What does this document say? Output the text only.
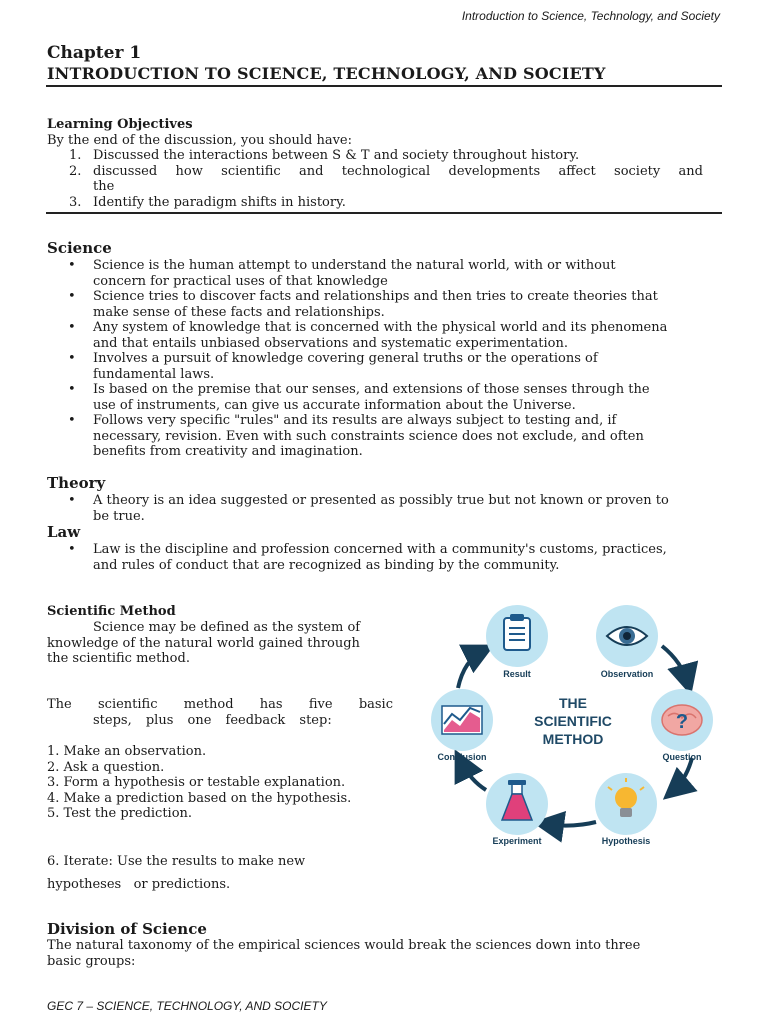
Introduction to Science, Technology, and Society
Chapter 1
INTRODUCTION TO SCIENCE, TECHNOLOGY, AND SOCIETY
Learning Objectives
By the end of the discussion, you should have:
1. Discussed the interactions between S & T and society throughout history.
2. discussed how scientific and technological developments affect society and
the
3. Identify the paradigm shifts in history.
Science
• Science is the human attempt to understand the natural world, with or without
concern for practical uses of that knowledge
• Science tries to discover facts and relationships and then tries to create theories that
make sense of these facts and relationships.
• Any system of knowledge that is concerned with the physical world and its phenomena
and that entails unbiased observations and systematic experimentation.
• Involves a pursuit of knowledge covering general truths or the operations of
fundamental laws.
• Is based on the premise that our senses, and extensions of those senses through the
use of instruments, can give us accurate information about the Universe.
• Follows very specific "rules" and its results are always subject to testing and, if
necessary, revision. Even with such constraints science does not exclude, and often
benefits from creativity and imagination.
Theory
• A theory is an idea suggested or presented as possibly true but not known or proven to
be true.
Law
• Law is the discipline and profession concerned with a community's customs, practices,
and rules of conduct that are recognized as binding by the community.
Scientific Method
Science may be defined as the system of
knowledge of the natural world gained through
the scientific method.
The scientific method has five basic
steps, plus one feedback step:
1. Make an observation.
2. Ask a question.
3. Form a hypothesis or testable explanation.
4. Make a prediction based on the hypothesis.
5. Test the prediction.
6. Iterate: Use the results to make new
hypotheses   or predictions.
Result	Observation
?
Question
Hypothesis
Experiment
Conclusion
THE
SCIENTIFIC
METHOD
Division of Science
The natural taxonomy of the empirical sciences would break the sciences down into three
basic groups:
GEC 7 – SCIENCE, TECHNOLOGY, AND SOCIETY
